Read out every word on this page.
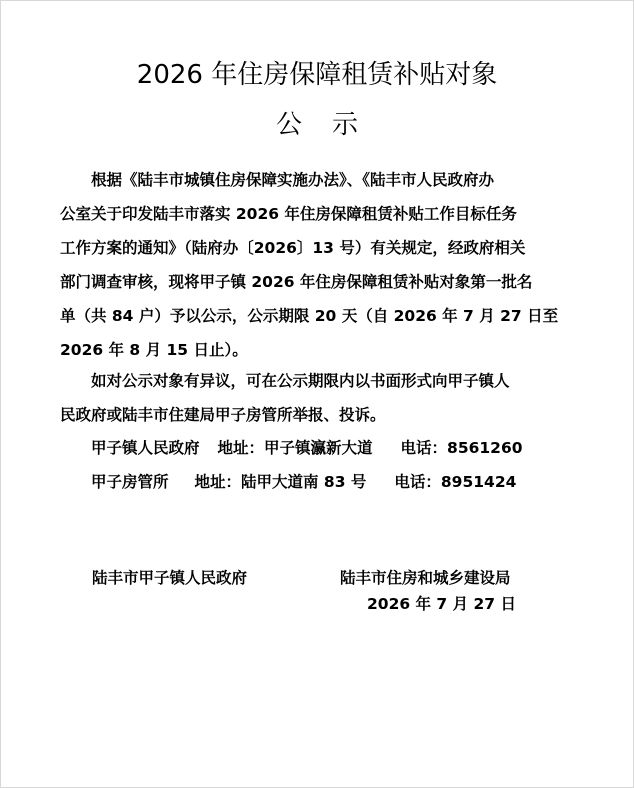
2026 年住房保障租赁补贴对象
公示
根据《陆丰市城镇住房保障实施办法》、《陆丰市人民政府办
公室关于印发陆丰市落实 2026 年住房保障租赁补贴工作目标任务
工作方案的通知》（陆府办〔2026〕13 号）有关规定，经政府相关
部门调查审核，现将甲子镇 2026 年住房保障租赁补贴对象第一批名
单（共 84 户）予以公示，公示期限 20 天（自 2026 年 7 月 27 日至
2026 年 8 月 15 日止）。
如对公示对象有异议，可在公示期限内以书面形式向甲子镇人
民政府或陆丰市住建局甲子房管所举报、投诉。
甲子镇人民政府 地址：甲子镇瀛新大道 电话：8561260
甲子房管所 地址：陆甲大道南 83 号 电话：8951424
陆丰市甲子镇人民政府	陆丰市住房和城乡建设局
2026 年 7 月 27 日
